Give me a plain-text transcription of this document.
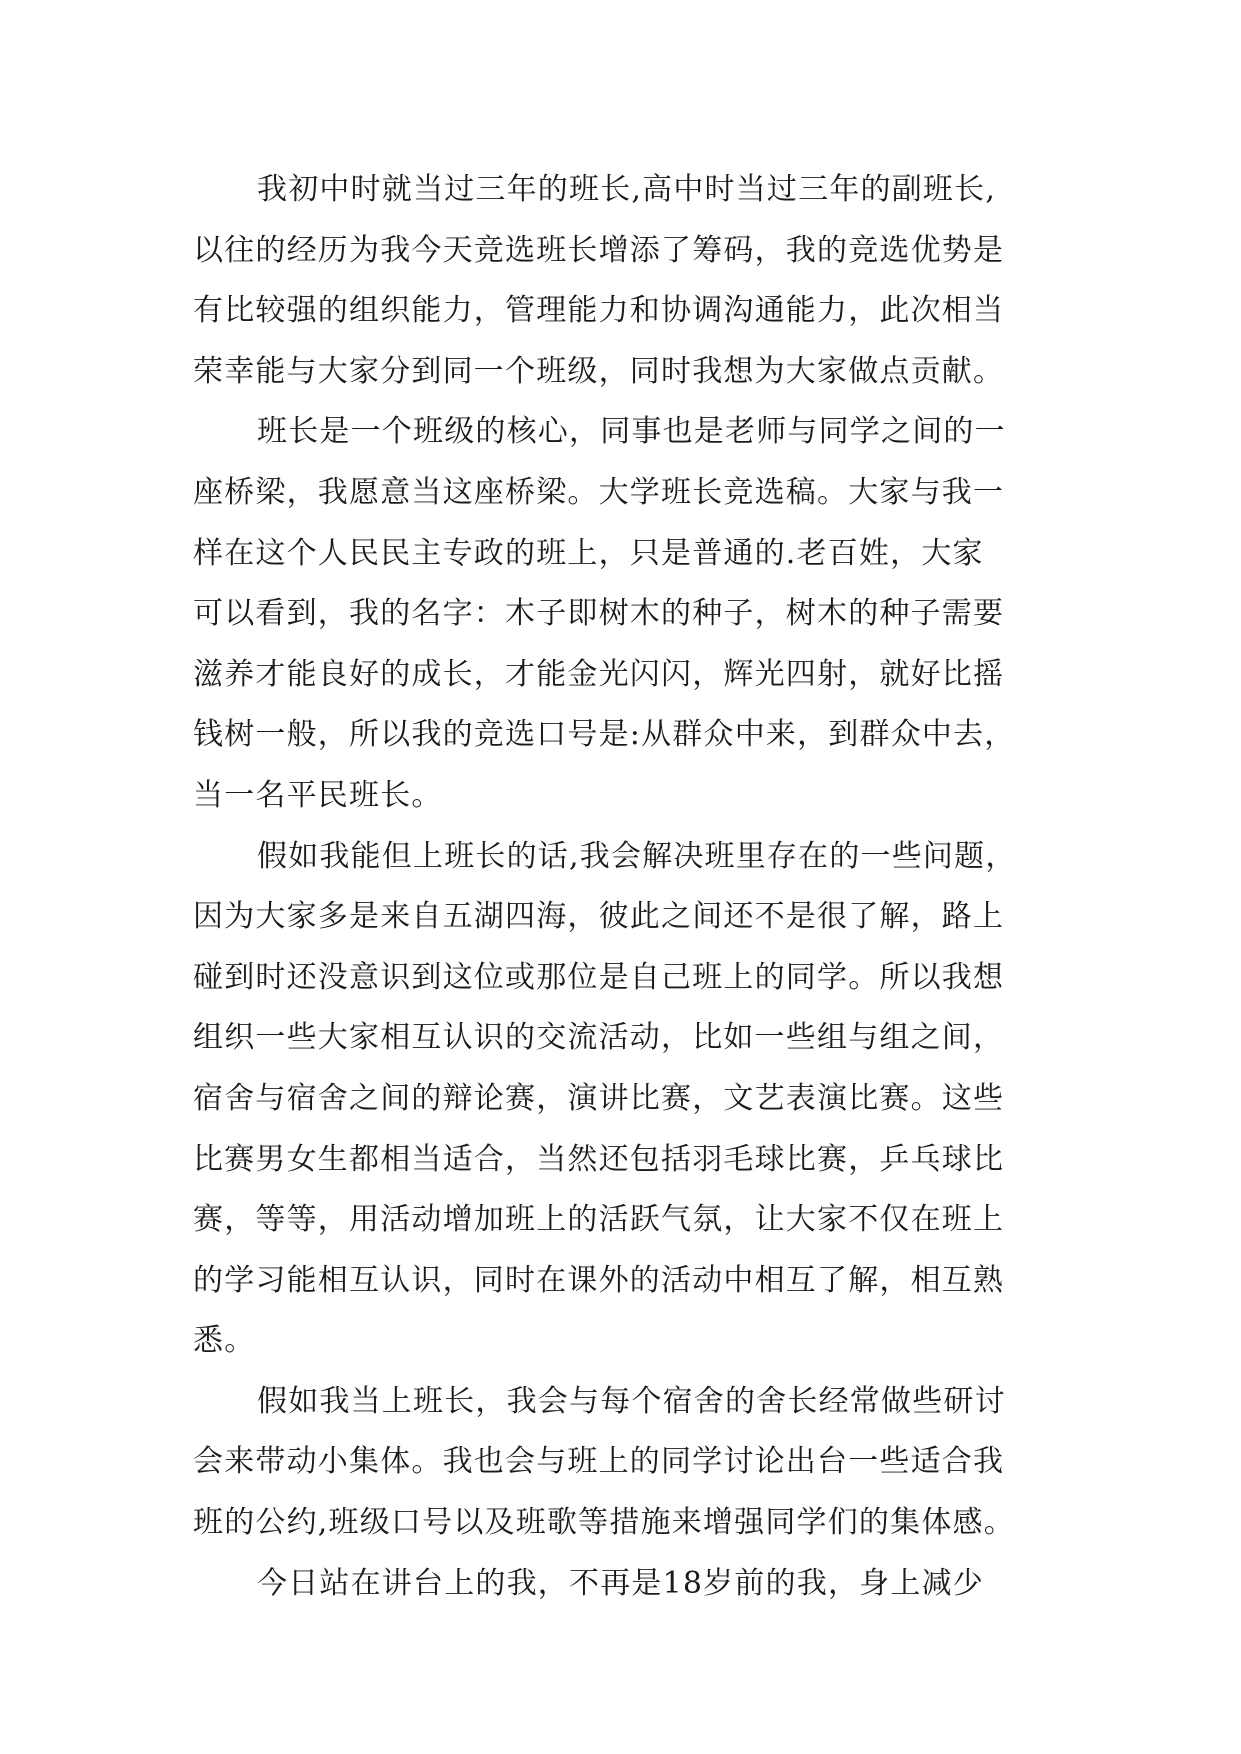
我初中时就当过三年的班长,高中时当过三年的副班长,
以往的经历为我今天竞选班长增添了筹码，我的竞选优势是
有比较强的组织能力，管理能力和协调沟通能力，此次相当
荣幸能与大家分到同一个班级，同时我想为大家做点贡献。
班长是一个班级的核心，同事也是老师与同学之间的一
座桥梁，我愿意当这座桥梁。大学班长竞选稿。大家与我一
样在这个人民民主专政的班上，只是普通的.老百姓，大家
可以看到，我的名字：木子即树木的种子，树木的种子需要
滋养才能良好的成长，才能金光闪闪，辉光四射，就好比摇
钱树一般，所以我的竞选口号是:从群众中来，到群众中去，
当一名平民班长。
假如我能但上班长的话,我会解决班里存在的一些问题，
因为大家多是来自五湖四海，彼此之间还不是很了解，路上
碰到时还没意识到这位或那位是自己班上的同学。所以我想
组织一些大家相互认识的交流活动，比如一些组与组之间，
宿舍与宿舍之间的辩论赛，演讲比赛，文艺表演比赛。这些
比赛男女生都相当适合，当然还包括羽毛球比赛，乒乓球比
赛，等等，用活动增加班上的活跃气氛，让大家不仅在班上
的学习能相互认识，同时在课外的活动中相互了解，相互熟
悉。
假如我当上班长，我会与每个宿舍的舍长经常做些研讨
会来带动小集体。我也会与班上的同学讨论出台一些适合我
班的公约,班级口号以及班歌等措施来增强同学们的集体感。
今日站在讲台上的我，不再是18岁前的我，身上减少
